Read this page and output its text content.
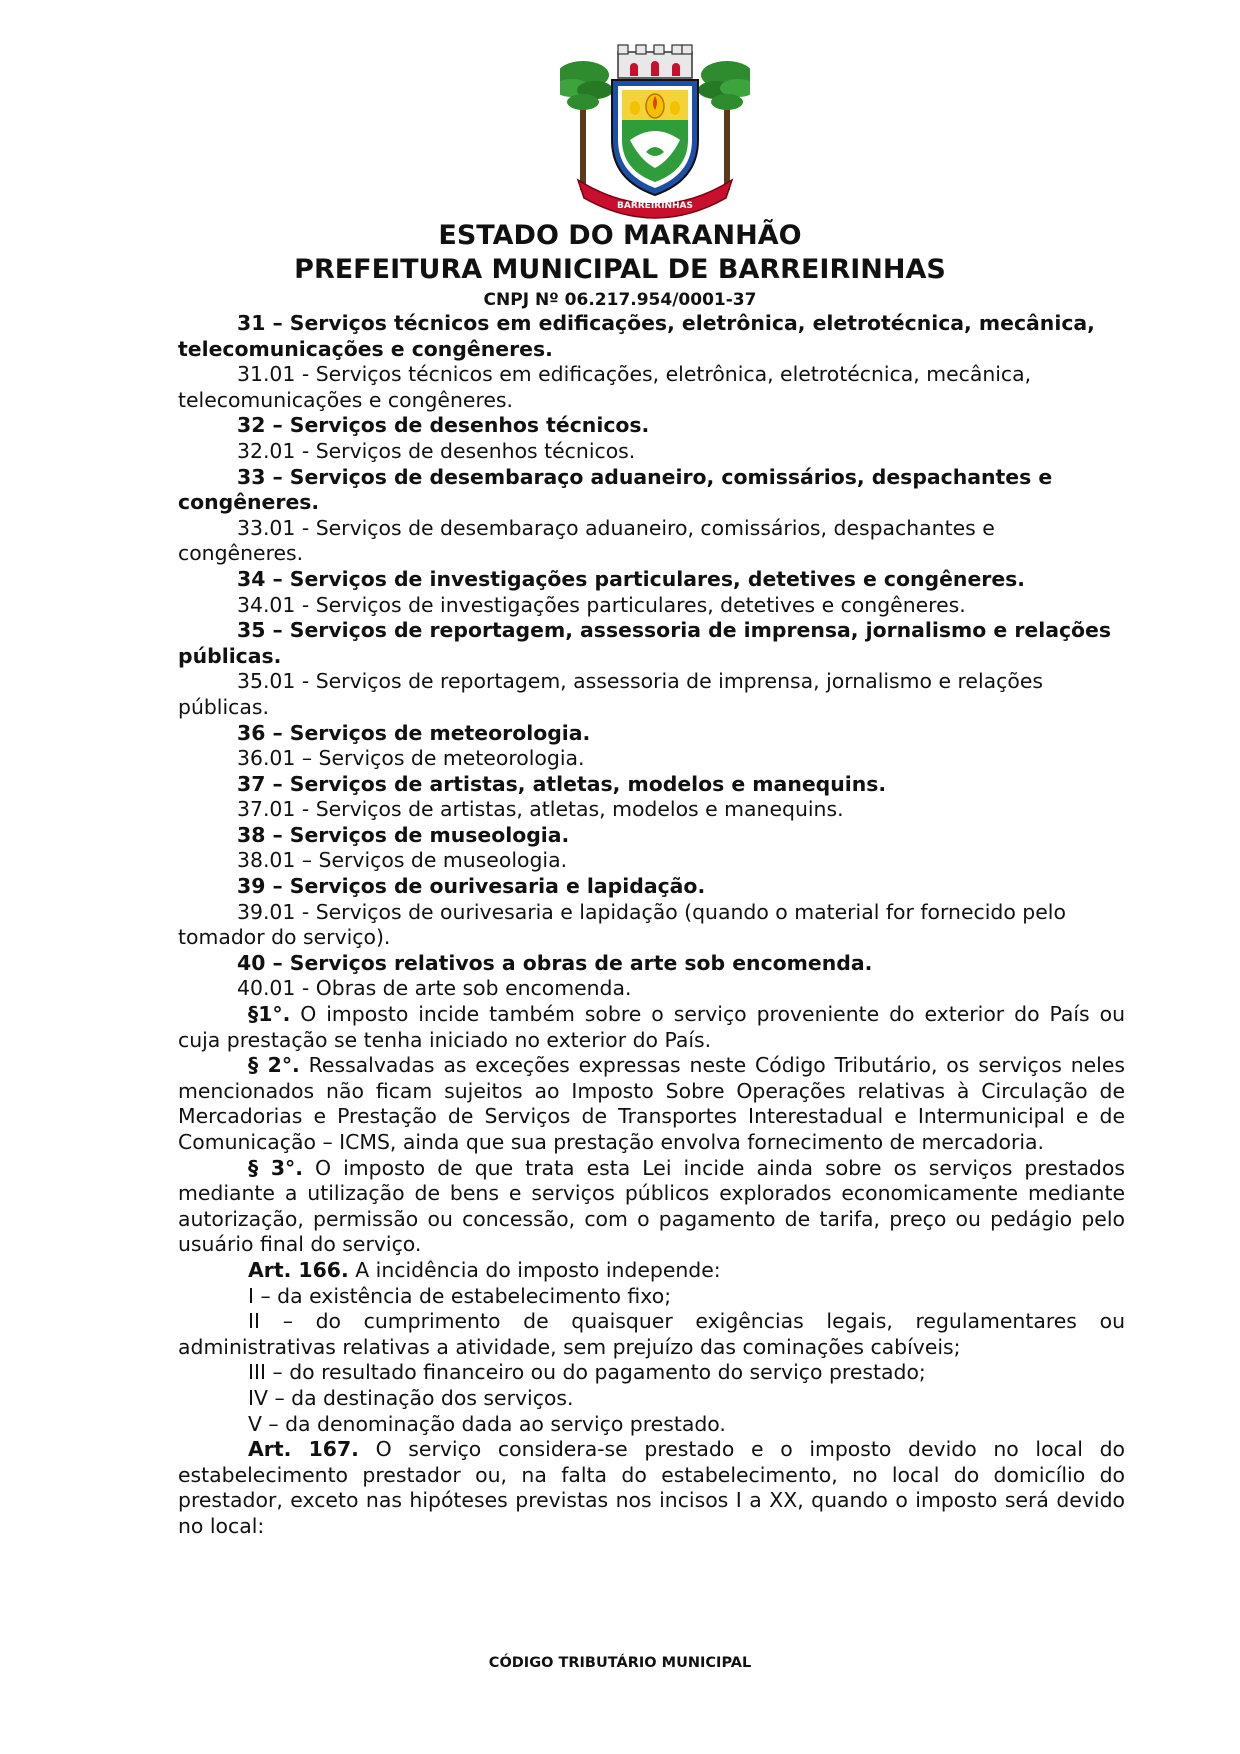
BARREIRINHAS
ESTADO DO MARANHÃO
PREFEITURA MUNICIPAL DE BARREIRINHAS
CNPJ Nº 06.217.954/0001-37

31 – Serviços técnicos em edificações, eletrônica, eletrotécnica, mecânica, telecomunicações e congêneres.

31.01 - Serviços técnicos em edificações, eletrônica, eletrotécnica, mecânica, telecomunicações e congêneres.

32 – Serviços de desenhos técnicos.

32.01 - Serviços de desenhos técnicos.

33 – Serviços de desembaraço aduaneiro, comissários, despachantes e congêneres.

33.01 - Serviços de desembaraço aduaneiro, comissários, despachantes e congêneres.

34 – Serviços de investigações particulares, detetives e congêneres.

34.01 - Serviços de investigações particulares, detetives e congêneres.

35 – Serviços de reportagem, assessoria de imprensa, jornalismo e relações públicas.

35.01 - Serviços de reportagem, assessoria de imprensa, jornalismo e relações públicas.

36 – Serviços de meteorologia.

36.01 – Serviços de meteorologia.

37 – Serviços de artistas, atletas, modelos e manequins.

37.01 - Serviços de artistas, atletas, modelos e manequins.

38 – Serviços de museologia.

38.01 – Serviços de museologia.

39 – Serviços de ourivesaria e lapidação.

39.01 - Serviços de ourivesaria e lapidação (quando o material for fornecido pelo tomador do serviço).

40 – Serviços relativos a obras de arte sob encomenda.

40.01 - Obras de arte sob encomenda.

§1°. O imposto incide também sobre o serviço proveniente do exterior do País ou cuja prestação se tenha iniciado no exterior do País.

§ 2°. Ressalvadas as exceções expressas neste Código Tributário, os serviços neles mencionados não ficam sujeitos ao Imposto Sobre Operações relativas à Circulação de Mercadorias e Prestação de Serviços de Transportes Interestadual e Intermunicipal e de Comunicação – ICMS, ainda que sua prestação envolva fornecimento de mercadoria.

§ 3°. O imposto de que trata esta Lei incide ainda sobre os serviços prestados mediante a utilização de bens e serviços públicos explorados economicamente mediante autorização, permissão ou concessão, com o pagamento de tarifa, preço ou pedágio pelo usuário final do serviço.

Art. 166. A incidência do imposto independe:

I – da existência de estabelecimento fixo;

II – do cumprimento de quaisquer exigências legais, regulamentares ou administrativas relativas a atividade, sem prejuízo das cominações cabíveis;

III – do resultado financeiro ou do pagamento do serviço prestado;

IV – da destinação dos serviços.

V – da denominação dada ao serviço prestado.

Art. 167. O serviço considera-se prestado e o imposto devido no local do estabelecimento prestador ou, na falta do estabelecimento, no local do domicílio do prestador, exceto nas hipóteses previstas nos incisos I a XX, quando o imposto será devido no local:

CÓDIGO TRIBUTÁRIO MUNICIPAL
